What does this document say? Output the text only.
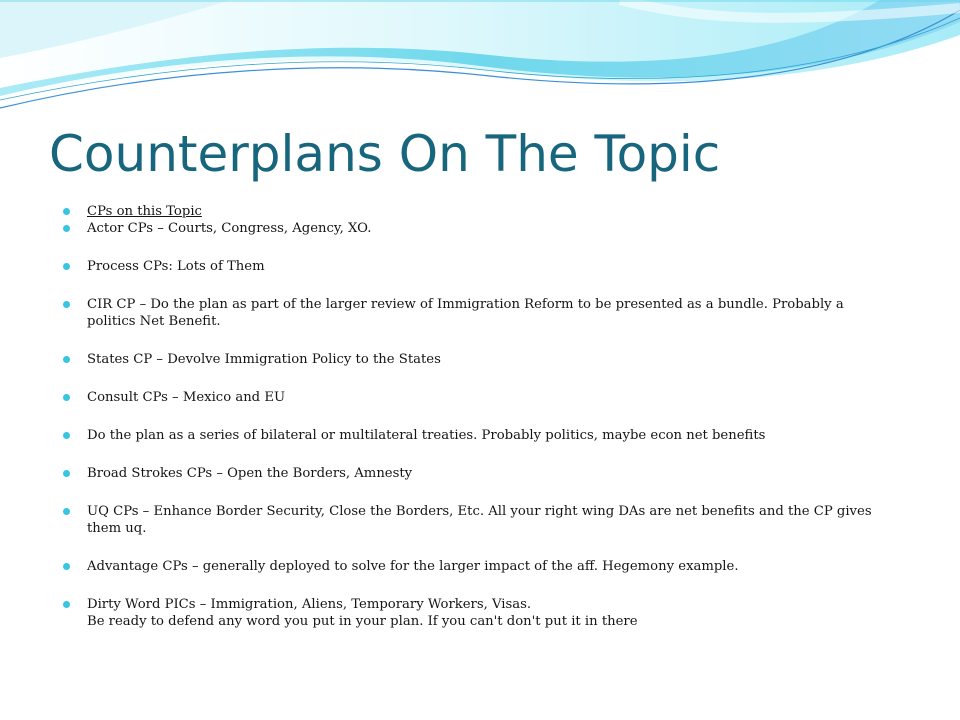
Counterplans On The Topic
CPs on this Topic
Actor CPs – Courts, Congress, Agency, XO.
Process CPs: Lots of Them
CIR CP – Do the plan as part of the larger review of Immigration Reform to be presented as a bundle. Probably a politics Net Benefit.
States CP – Devolve Immigration Policy to the States
Consult CPs – Mexico and EU
Do the plan as a series of bilateral or multilateral treaties. Probably politics, maybe econ net benefits
Broad Strokes CPs – Open the Borders, Amnesty
UQ CPs – Enhance Border Security, Close the Borders, Etc. All your right wing DAs are net benefits and the CP gives them uq.
Advantage CPs – generally deployed to solve for the larger impact of the aff. Hegemony example.
Dirty Word PICs – Immigration, Aliens, Temporary Workers, Visas.
Be ready to defend any word you put in your plan. If you can't don't put it in there
